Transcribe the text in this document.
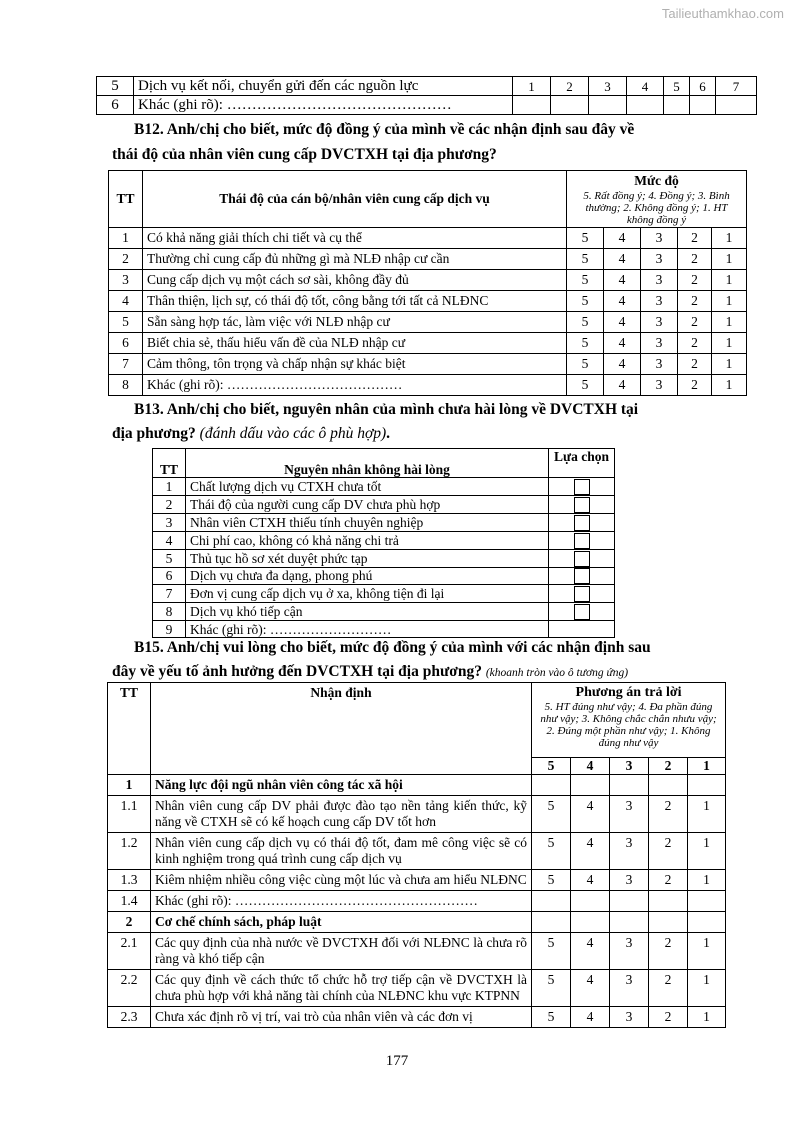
Tailieuthamkhao.com
5	Dịch vụ kết nối, chuyển gửi đến các nguồn lực	1	2	3	4	5	6	7
6	Khác (ghi rõ): ………………………………………							
B12. Anh/chị cho biết, mức độ đồng ý của mình về các nhận định sau đây về
thái độ của nhân viên cung cấp DVCTXH tại địa phương?
TT	Thái độ của cán bộ/nhân viên cung cấp dịch vụ	Mức độ
5. Rất đồng ý; 4. Đồng ý; 3. Bình thường; 2. Không đồng ý; 1. HT không đồng ý				

1	Có khả năng giải thích chi tiết và cụ thể	5	4	3	2	1
2	Thường chỉ cung cấp đủ những gì mà NLĐ nhập cư cần	5	4	3	2	1
3	Cung cấp dịch vụ một cách sơ sài, không đầy đủ	5	4	3	2	1
4	Thân thiện, lịch sự, có thái độ tốt, công bằng tới tất cả NLĐNC	5	4	3	2	1
5	Sẵn sàng hợp tác, làm việc với NLĐ nhập cư	5	4	3	2	1
6	Biết chia sẻ, thấu hiểu vấn đề của NLĐ nhập cư	5	4	3	2	1
7	Cảm thông, tôn trọng và chấp nhận sự khác biệt	5	4	3	2	1
8	Khác (ghi rõ): …………………………………	5	4	3	2	1
B13. Anh/chị cho biết, nguyên nhân của mình chưa hài lòng về DVCTXH tại
địa phương? (đánh dấu vào các ô phù hợp).
TT	Nguyên nhân không hài lòng	Lựa chọn
1	Chất lượng dịch vụ CTXH chưa tốt	
2	Thái độ của người cung cấp DV chưa phù hợp	
3	Nhân viên CTXH thiếu tính chuyên nghiệp	
4	Chi phí cao, không có khả năng chi trả	
5	Thủ tục hồ sơ xét duyệt phức tạp	
6	Dịch vụ chưa đa dạng, phong phú	
7	Đơn vị cung cấp dịch vụ ở xa, không tiện đi lại	
8	Dịch vụ khó tiếp cận	
9	Khác (ghi rõ): ………………………	
B15. Anh/chị vui lòng cho biết, mức độ đồng ý của mình với các nhận định sau
đây về yếu tố ảnh hưởng đến DVCTXH tại địa phương? (khoanh tròn vào ô tương ứng)
TT	Nhận định	Phương án trả lời
5. HT đúng như vậy; 4. Đa phần đúng như vậy; 3. Không chắc chắn nhưu vậy; 2. Đúng một phần như vậy; 1. Không đúng như vậy				

		5	4	3	2	1
1	Năng lực đội ngũ nhân viên công tác xã hội					
1.1	Nhân viên cung cấp DV phải được đào tạo nền tảng kiến thức, kỹ năng về CTXH sẽ có kế hoạch cung cấp DV tốt hơn	5	4	3	2	1
1.2	Nhân viên cung cấp dịch vụ có thái độ tốt, đam mê công việc sẽ có kinh nghiệm trong quá trình cung cấp dịch vụ	5	4	3	2	1
1.3	Kiêm nhiệm nhiều công việc cùng một lúc và chưa am hiểu NLĐNC	5	4	3	2	1
1.4	Khác (ghi rõ): ………………………………………………					
2	Cơ chế chính sách, pháp luật					
2.1	Các quy định của nhà nước về DVCTXH đối với NLĐNC là chưa rõ ràng và khó tiếp cận	5	4	3	2	1
2.2	Các quy định về cách thức tổ chức hỗ trợ tiếp cận về DVCTXH là chưa phù hợp với khả năng tài chính của NLĐNC khu vực KTPNN	5	4	3	2	1
2.3	Chưa xác định rõ vị trí, vai trò của nhân viên và các đơn vị	5	4	3	2	1
177
